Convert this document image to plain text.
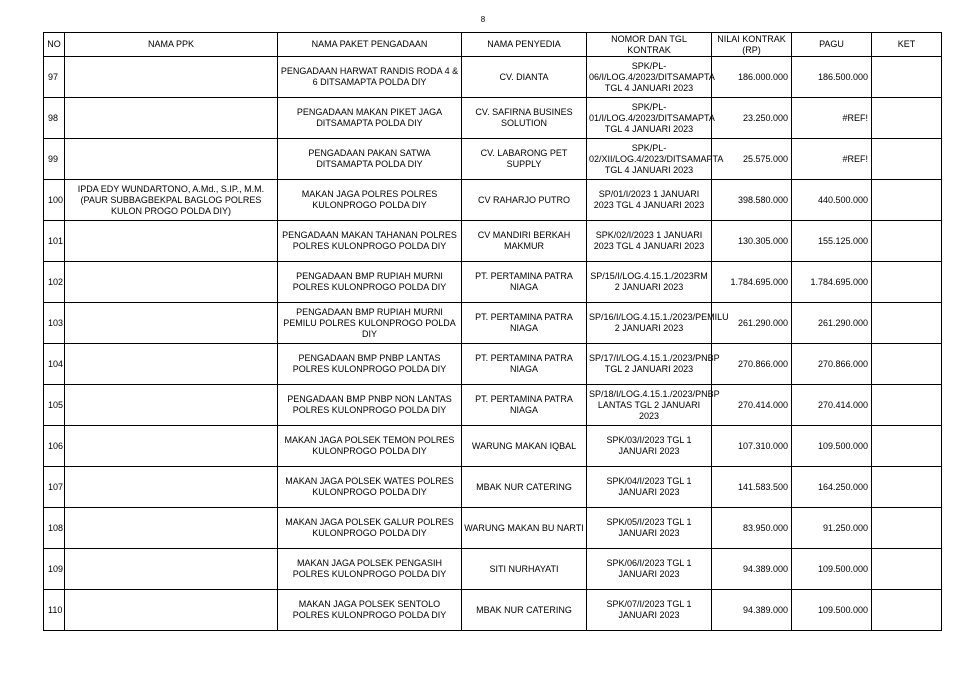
8
NO	NAMA PPK	NAMA PAKET PENGADAAN	NAMA PENYEDIA	NOMOR DAN TGL KONTRAK	NILAI KONTRAK (RP)	PAGU	KET
97		PENGADAAN HARWAT RANDIS RODA 4 & 6 DITSAMAPTA POLDA DIY	CV. DIANTA	SPK/PL-06/I/LOG.4/2023/DITSAMAPTA TGL 4 JANUARI 2023	186.000.000	186.500.000	
98		PENGADAAN MAKAN PIKET JAGA DITSAMAPTA POLDA DIY	CV. SAFIRNA BUSINES SOLUTION	SPK/PL-01/I/LOG.4/2023/DITSAMAPTA TGL 4 JANUARI 2023	23.250.000	#REF!	
99		PENGADAAN PAKAN SATWA DITSAMAPTA POLDA DIY	CV. LABARONG PET SUPPLY	SPK/PL-02/XII/LOG.4/2023/DITSAMAPTA TGL 4 JANUARI 2023	25.575.000	#REF!	
100	IPDA EDY WUNDARTONO, A.Md., S.IP., M.M. (PAUR SUBBAGBEKPAL BAGLOG POLRES KULON PROGO POLDA DIY)	MAKAN JAGA POLRES POLRES KULONPROGO POLDA DIY	CV RAHARJO PUTRO	SP/01/I/2023 1 JANUARI 2023 TGL 4 JANUARI 2023	398.580.000	440.500.000	
101		PENGADAAN MAKAN TAHANAN POLRES POLRES KULONPROGO POLDA DIY	CV MANDIRI BERKAH MAKMUR	SPK/02/I/2023 1 JANUARI 2023 TGL 4 JANUARI 2023	130.305.000	155.125.000	
102		PENGADAAN BMP RUPIAH MURNI POLRES KULONPROGO POLDA DIY	PT. PERTAMINA PATRA NIAGA	SP/15/I/LOG.4.15.1./2023RM 2 JANUARI 2023	1.784.695.000	1.784.695.000	
103		PENGADAAN BMP RUPIAH MURNI PEMILU POLRES KULONPROGO POLDA DIY	PT. PERTAMINA PATRA NIAGA	SP/16/I/LOG.4.15.1./2023/PEMILU 2 JANUARI 2023	261.290.000	261.290.000	
104		PENGADAAN BMP PNBP LANTAS POLRES KULONPROGO POLDA DIY	PT. PERTAMINA PATRA NIAGA	SP/17/I/LOG.4.15.1./2023/PNBP TGL 2 JANUARI 2023	270.866.000	270.866.000	
105		PENGADAAN BMP PNBP NON LANTAS POLRES KULONPROGO POLDA DIY	PT. PERTAMINA PATRA NIAGA	SP/18/I/LOG.4.15.1./2023/PNBP LANTAS TGL 2 JANUARI 2023	270.414.000	270.414.000	
106		MAKAN JAGA POLSEK TEMON POLRES KULONPROGO POLDA DIY	WARUNG MAKAN IQBAL	SPK/03/I/2023 TGL 1 JANUARI 2023	107.310.000	109.500.000	
107		MAKAN JAGA POLSEK WATES POLRES KULONPROGO POLDA DIY	MBAK NUR CATERING	SPK/04/I/2023 TGL 1 JANUARI 2023	141.583.500	164.250.000	
108		MAKAN JAGA POLSEK GALUR POLRES KULONPROGO POLDA DIY	WARUNG MAKAN BU NARTI	SPK/05/I/2023 TGL 1 JANUARI 2023	83.950.000	91.250.000	
109		MAKAN JAGA POLSEK PENGASIH POLRES KULONPROGO POLDA DIY	SITI NURHAYATI	SPK/06/I/2023 TGL 1 JANUARI 2023	94.389.000	109.500.000	
110		MAKAN JAGA POLSEK SENTOLO POLRES KULONPROGO POLDA DIY	MBAK NUR CATERING	SPK/07/I/2023 TGL 1 JANUARI 2023	94.389.000	109.500.000	
